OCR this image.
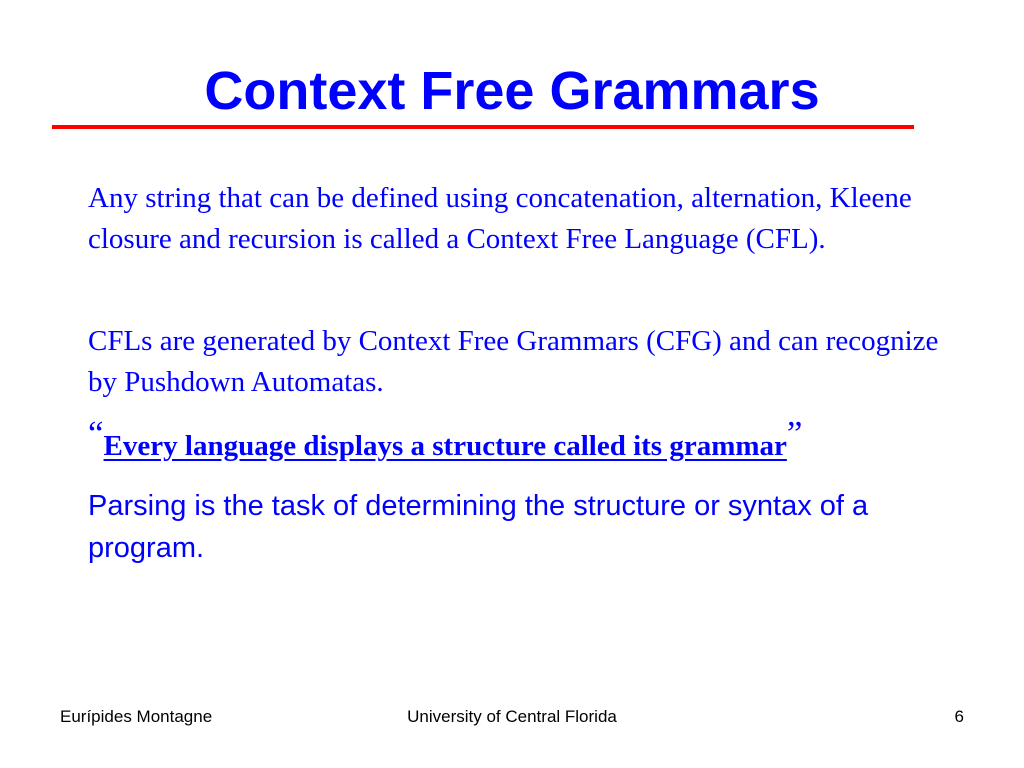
Context Free Grammars

Any string that can be defined using concatenation, alternation, Kleene closure and recursion is called a Context Free Language (CFL).

CFLs are generated by Context Free Grammars (CFG) and can recognize by Pushdown Automatas.

“Every language displays a structure called its grammar”

Parsing is the task of determining the structure or syntax of a program.

Eurípides Montagne	University of Central Florida	6
